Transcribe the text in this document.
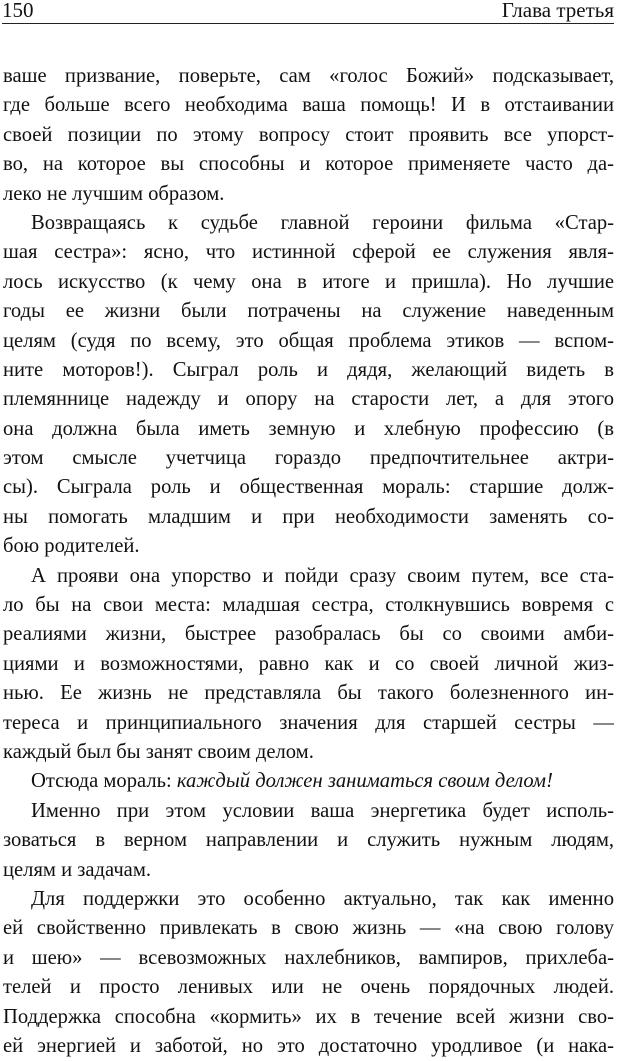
150	Глава третья
ваше призвание, поверьте, сам «голос Божий» подсказывает,
где больше всего необходима ваша помощь! И в отстаивании
своей позиции по этому вопросу стоит проявить все упорст-
во, на которое вы способны и которое применяете часто да-
леко не лучшим образом.
Возвращаясь к судьбе главной героини фильма «Стар-
шая сестра»: ясно, что истинной сферой ее служения явля-
лось искусство (к чему она в итоге и пришла). Но лучшие
годы ее жизни были потрачены на служение наведенным
целям (судя по всему, это общая проблема этиков — вспом-
ните моторов!). Сыграл роль и дядя, желающий видеть в
племяннице надежду и опору на старости лет, а для этого
она должна была иметь земную и хлебную профессию (в
этом смысле учетчица гораздо предпочтительнее актри-
сы). Сыграла роль и общественная мораль: старшие долж-
ны помогать младшим и при необходимости заменять со-
бою родителей.
А прояви она упорство и пойди сразу своим путем, все ста-
ло бы на свои места: младшая сестра, столкнувшись вовремя с
реалиями жизни, быстрее разобралась бы со своими амби-
циями и возможностями, равно как и со своей личной жиз-
нью. Ее жизнь не представляла бы такого болезненного ин-
тереса и принципиального значения для старшей сестры —
каждый был бы занят своим делом.
Отсюда мораль: каждый должен заниматься своим делом!
Именно при этом условии ваша энергетика будет исполь-
зоваться в верном направлении и служить нужным людям,
целям и задачам.
Для поддержки это особенно актуально, так как именно
ей свойственно привлекать в свою жизнь — «на свою голову
и шею» — всевозможных нахлебников, вампиров, прихлеба-
телей и просто ленивых или не очень порядочных людей.
Поддержка способна «кормить» их в течение всей жизни сво-
ей энергией и заботой, но это достаточно уродливое (и нака-
